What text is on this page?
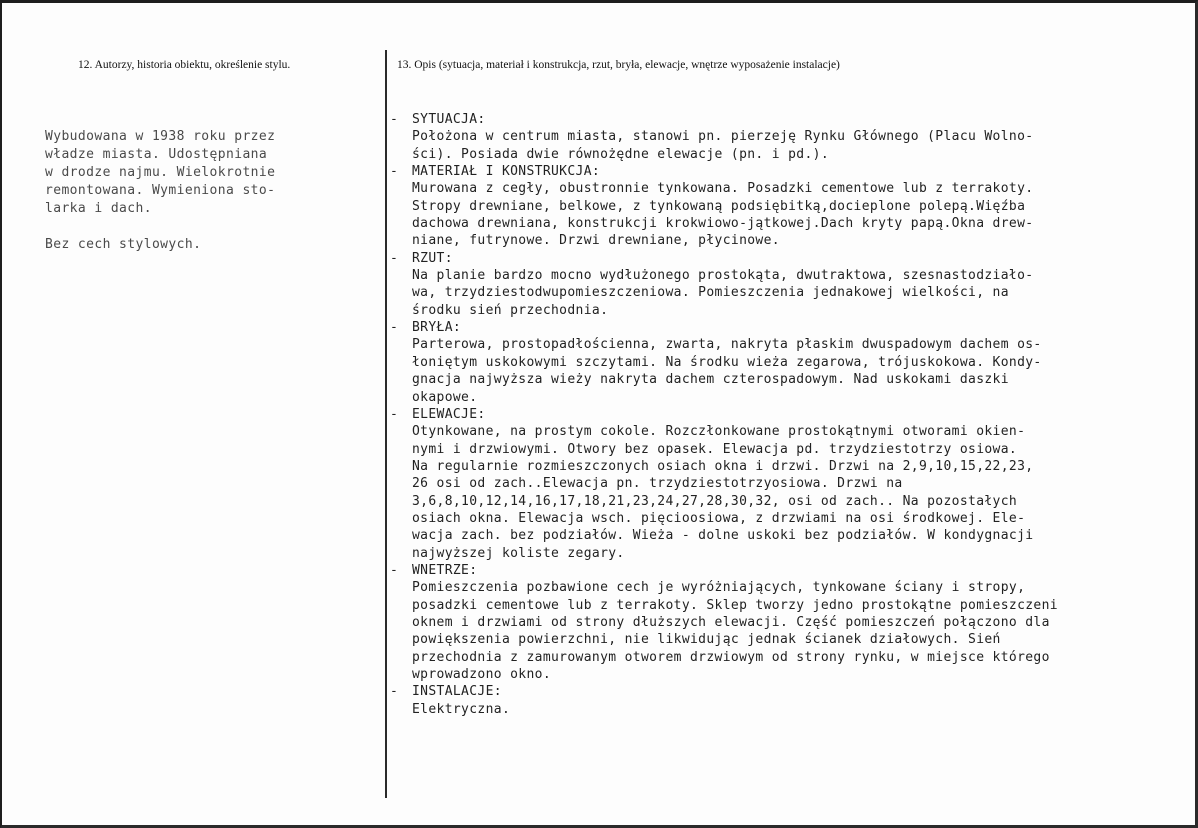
12. Autorzy, historia obiektu, określenie stylu.	13. Opis (sytuacja, materiał i konstrukcja, rzut, bryła, elewacje, wnętrze wyposażenie instalacje)
Wybudowana w 1938 roku przez
władze miasta. Udostępniana
w drodze najmu. Wielokrotnie
remontowana. Wymieniona sto-
larka i dach.
Bez cech stylowych.
- SYTUACJA:
Położona w centrum miasta, stanowi pn. pierzeję Rynku Głównego (Placu Wolno-
ści). Posiada dwie równożędne elewacje (pn. i pd.).
- MATERIAŁ I KONSTRUKCJA:
Murowana z cegły, obustronnie tynkowana. Posadzki cementowe lub z terrakoty.
Stropy drewniane, belkowe, z tynkowaną podsiębitką,docieplone polepą.Więźba
dachowa drewniana, konstrukcji krokwiowo-jątkowej.Dach kryty papą.Okna drew-
niane, futrynowe. Drzwi drewniane, płycinowe.
- RZUT:
Na planie bardzo mocno wydłużonego prostokąta, dwutraktowa, szesnastodziało-
wa, trzydziestodwupomieszczeniowa. Pomieszczenia jednakowej wielkości, na
środku sień przechodnia.
- BRYŁA:
Parterowa, prostopadłościenna, zwarta, nakryta płaskim dwuspadowym dachem os-
łoniętym uskokowymi szczytami. Na środku wieża zegarowa, trójuskokowa. Kondy-
gnacja najwyższa wieży nakryta dachem czterospadowym. Nad uskokami daszki
okapowe.
- ELEWACJE:
Otynkowane, na prostym cokole. Rozczłonkowane prostokątnymi otworami okien-
nymi i drzwiowymi. Otwory bez opasek. Elewacja pd. trzydziestotrzy osiowa.
Na regularnie rozmieszczonych osiach okna i drzwi. Drzwi na 2,9,10,15,22,23,
26 osi od zach..Elewacja pn. trzydziestotrzyosiowa. Drzwi na
3,6,8,10,12,14,16,17,18,21,23,24,27,28,30,32, osi od zach.. Na pozostałych
osiach okna. Elewacja wsch. pięcioosiowa, z drzwiami na osi środkowej. Ele-
wacja zach. bez podziałów. Wieża - dolne uskoki bez podziałów. W kondygnacji
najwyższej koliste zegary.
- WNETRZE:
Pomieszczenia pozbawione cech je wyróżniających, tynkowane ściany i stropy,
posadzki cementowe lub z terrakoty. Sklep tworzy jedno prostokątne pomieszczeni
oknem i drzwiami od strony dłuższych elewacji. Część pomieszczeń połączono dla
powiększenia powierzchni, nie likwidując jednak ścianek działowych. Sień
przechodnia z zamurowanym otworem drzwiowym od strony rynku, w miejsce którego
wprowadzono okno.
- INSTALACJE:
Elektryczna.
